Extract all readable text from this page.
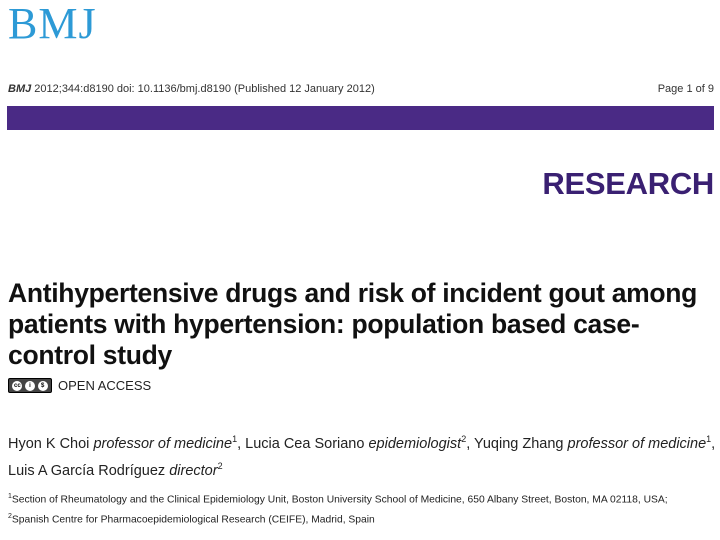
BMJ
BMJ 2012;344:d8190 doi: 10.1136/bmj.d8190 (Published 12 January 2012)	Page 1 of 9
RESEARCH
Antihypertensive drugs and risk of incident gout among patients with hypertension: population based case-control study
cc	i	$ OPEN ACCESS
Hyon K Choi professor of medicine$^1$, Lucia Cea Soriano epidemiologist$^2$, Yuqing Zhang professor of medicine$^1$, Luis A García Rodríguez director$^2$
$^1$Section of Rheumatology and the Clinical Epidemiology Unit, Boston University School of Medicine, 650 Albany Street, Boston, MA 02118, USA;
$^2$Spanish Centre for Pharmacoepidemiological Research (CEIFE), Madrid, Spain
